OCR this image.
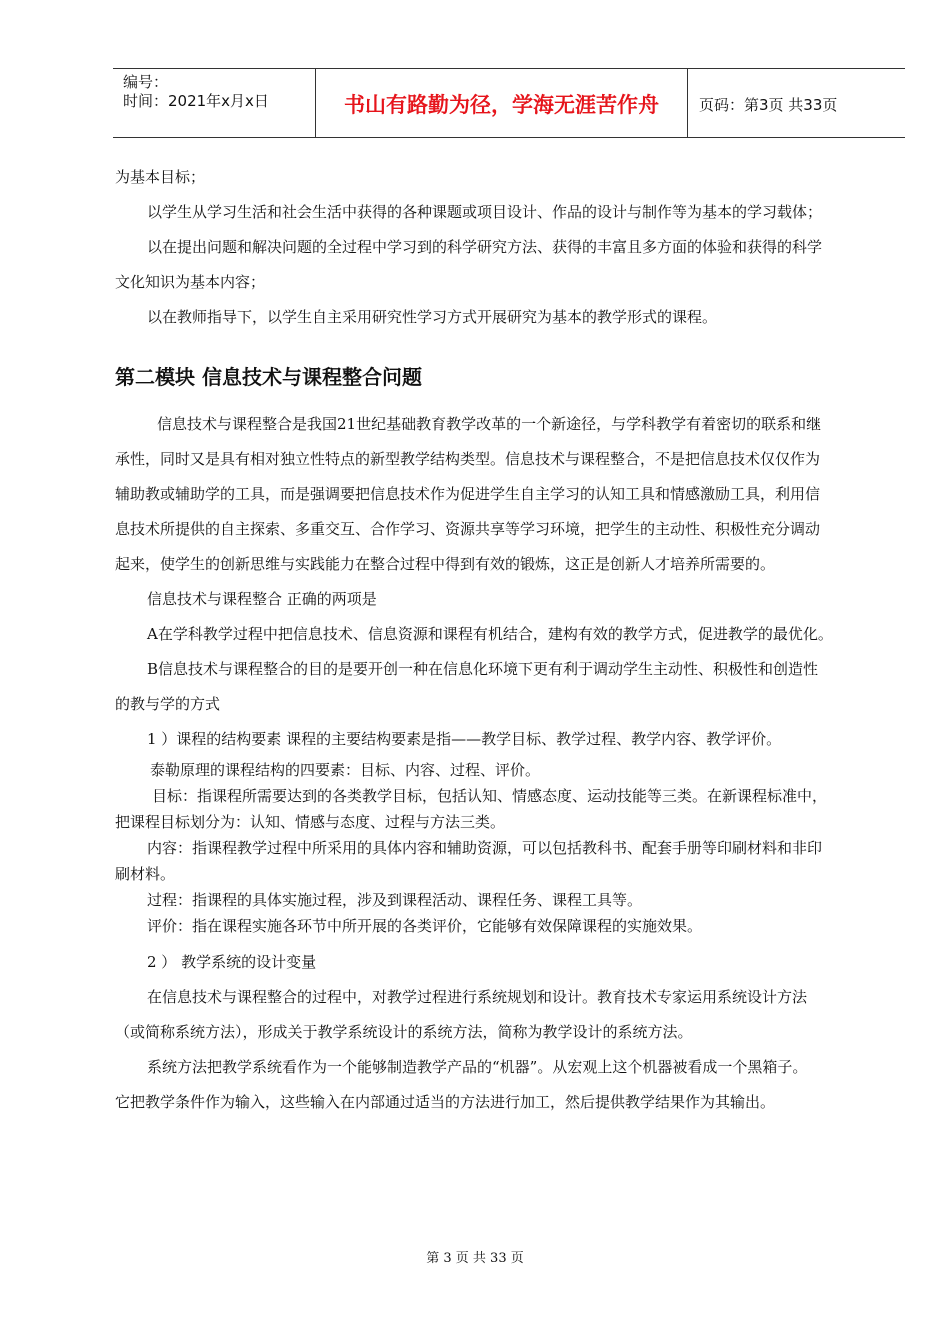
编号：
时间：2021年x月x日	书山有路勤为径，学海无涯苦作舟	页码：第3页 共33页

为基本目标；

以学生从学习生活和社会生活中获得的各种课题或项目设计、作品的设计与制作等为基本的学习载体；

以在提出问题和解决问题的全过程中学习到的科学研究方法、获得的丰富且多方面的体验和获得的科学

文化知识为基本内容；

以在教师指导下，以学生自主采用研究性学习方式开展研究为基本的教学形式的课程。

第二模块 信息技术与课程整合问题

信息技术与课程整合是我国21世纪基础教育教学改革的一个新途径，与学科教学有着密切的联系和继

承性，同时又是具有相对独立性特点的新型教学结构类型。信息技术与课程整合，不是把信息技术仅仅作为

辅助教或辅助学的工具，而是强调要把信息技术作为促进学生自主学习的认知工具和情感激励工具，利用信

息技术所提供的自主探索、多重交互、合作学习、资源共享等学习环境，把学生的主动性、积极性充分调动

起来，使学生的创新思维与实践能力在整合过程中得到有效的锻炼，这正是创新人才培养所需要的。

信息技术与课程整合 正确的两项是

A在学科教学过程中把信息技术、信息资源和课程有机结合，建构有效的教学方式，促进教学的最优化。

B信息技术与课程整合的目的是要开创一种在信息化环境下更有利于调动学生主动性、积极性和创造性

的教与学的方式

1 ）课程的结构要素 课程的主要结构要素是指——教学目标、教学过程、教学内容、教学评价。

泰勒原理的课程结构的四要素：目标、内容、过程、评价。

目标：指课程所需要达到的各类教学目标，包括认知、情感态度、运动技能等三类。在新课程标准中，

把课程目标划分为：认知、情感与态度、过程与方法三类。

内容：指课程教学过程中所采用的具体内容和辅助资源，可以包括教科书、配套手册等印刷材料和非印

刷材料。

过程：指课程的具体实施过程，涉及到课程活动、课程任务、课程工具等。

评价：指在课程实施各环节中所开展的各类评价，它能够有效保障课程的实施效果。

2 ） 教学系统的设计变量

在信息技术与课程整合的过程中，对教学过程进行系统规划和设计。教育技术专家运用系统设计方法

（或简称系统方法），形成关于教学系统设计的系统方法，简称为教学设计的系统方法。

系统方法把教学系统看作为一个能够制造教学产品的“机器”。从宏观上这个机器被看成一个黑箱子。

它把教学条件作为输入，这些输入在内部通过适当的方法进行加工，然后提供教学结果作为其输出。

第 3 页 共 33 页
